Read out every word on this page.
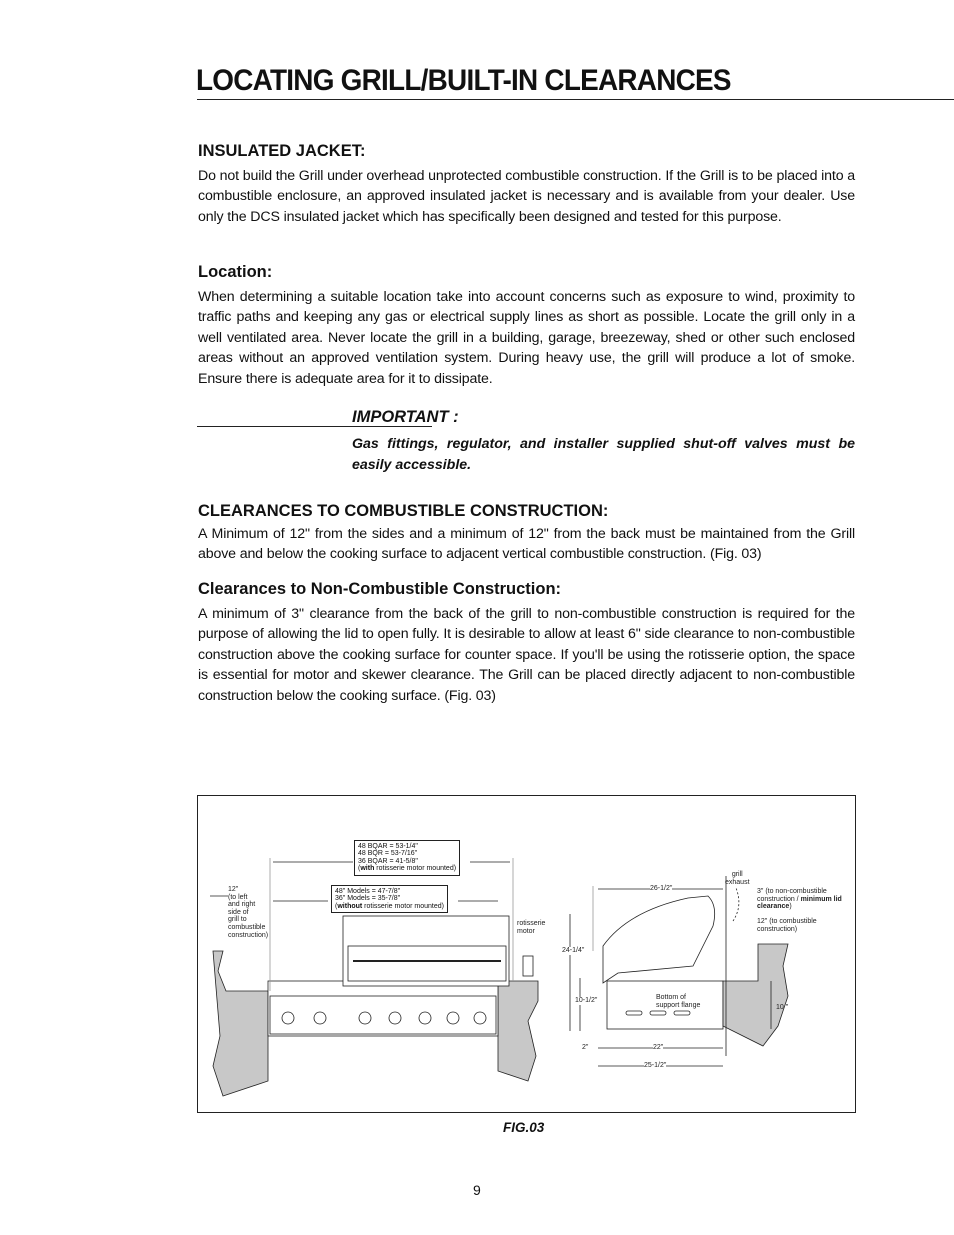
LOCATING GRILL/BUILT-IN CLEARANCES
INSULATED JACKET:
Do not build the Grill under overhead unprotected combustible construction. If the Grill is to be placed into a combustible enclosure, an approved insulated jacket is necessary and is available from your dealer. Use only the DCS insulated jacket which has specifically been designed and tested for this purpose.
Location:
When determining a suitable location take into account concerns such as exposure to wind, proximity to traffic paths and keeping any gas or electrical supply lines as short as possible. Locate the grill only in a well ventilated area. Never locate the grill in a building, garage, breezeway, shed or other such enclosed areas without an approved ventilation system. During heavy use, the grill will produce a lot of smoke. Ensure there is adequate area for it to dissipate.
IMPORTANT :
Gas fittings, regulator, and installer supplied shut-off valves must be easily accessible.
CLEARANCES TO COMBUSTIBLE CONSTRUCTION:
A Minimum of 12" from the sides and a minimum of 12" from the back must be maintained from the Grill above and below the cooking surface to adjacent vertical combustible construction. (Fig. 03)
Clearances to Non-Combustible Construction:
A minimum of 3" clearance from the back of the grill to non-combustible construction is required for the purpose of allowing the lid to open fully. It is desirable to allow at least 6" side clearance to non-combustible construction above the cooking surface for counter space. If you'll be using the rotisserie option, the space is essential for motor and skewer clearance. The Grill can be placed directly adjacent to non-combustible construction below the cooking surface. (Fig. 03)
48 BQAR = 53-1/4"
48 BQR = 53-7/16"
36 BQAR = 41-5/8"
(with rotisserie motor mounted)
48" Models = 47-7/8"
36" Models = 35-7/8"
(without rotisserie motor mounted)
12"
(to left
and right
side of
grill to
combustible
construction)
rotisserie
motor
26-1/2"
24-1/4"
10-1/2"
10 "
2"	22"
25-1/2"
grill
exhaust
3" (to non-combustible construction / minimum lid clearance)
12" (to combustible construction)
Bottom of
support flange
FIG.03
9
